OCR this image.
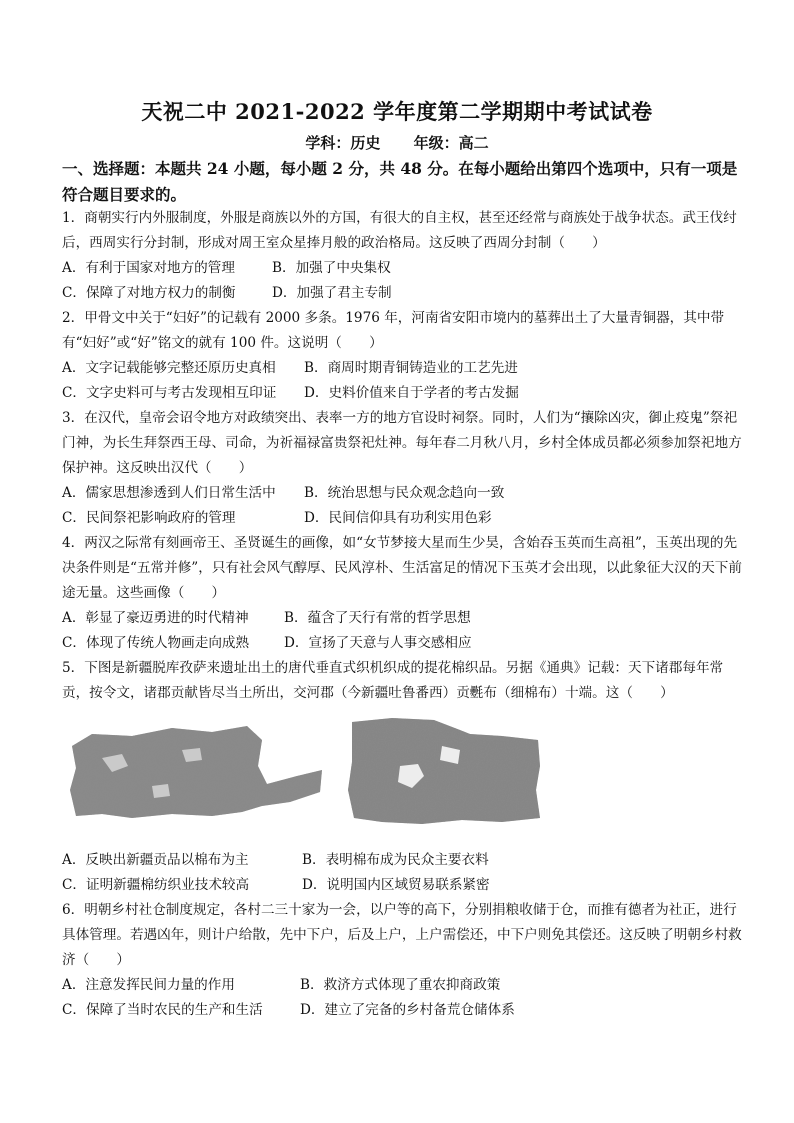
天祝二中 2021-2022 学年度第二学期期中考试试卷
学科：历史 年级：高二
一、选择题：本题共 24 小题，每小题 2 分，共 48 分。在每小题给出第四个选项中，只有一项是符合题目要求的。

1．商朝实行内外服制度，外服是商族以外的方国，有很大的自主权，甚至还经常与商族处于战争状态。武王伐纣后，西周实行分封制，形成对周王室众星捧月般的政治格局。这反映了西周分封制（　　）

A．有利于国家对地方的管理	B．加强了中央集权
C．保障了对地方权力的制衡	D．加强了君主专制

2．甲骨文中关于“妇好”的记载有 2000 多条。1976 年，河南省安阳市境内的墓葬出土了大量青铜器，其中带有“妇好”或“好”铭文的就有 100 件。这说明（　　）

A．文字记载能够完整还原历史真相	B．商周时期青铜铸造业的工艺先进
C．文字史料可与考古发现相互印证	D．史料价值来自于学者的考古发掘

3．在汉代，皇帝会诏令地方对政绩突出、表率一方的地方官设时祠祭。同时，人们为“攘除凶灾，御止疫鬼”祭祀门神，为长生拜祭西王母、司命，为祈福禄富贵祭祀灶神。每年春二月秋八月，乡村全体成员都必须参加祭祀地方保护神。这反映出汉代（　　）

A．儒家思想渗透到人们日常生活中	B．统治思想与民众观念趋向一致
C．民间祭祀影响政府的管理	D．民间信仰具有功利实用色彩

4．两汉之际常有刻画帝王、圣贤诞生的画像，如“女节梦接大星而生少昊，含始吞玉英而生高祖”，玉英出现的先决条件则是“五常并修”，只有社会风气醇厚、民风淳朴、生活富足的情况下玉英才会出现，以此象征大汉的天下前途无量。这些画像（　　）

A．彰显了豪迈勇进的时代精神	B．蕴含了天行有常的哲学思想
C．体现了传统人物画走向成熟	D．宣扬了天意与人事交感相应

5．下图是新疆脱库孜萨来遗址出土的唐代垂直式织机织成的提花棉织品。另据《通典》记载：天下诸郡每年常贡，按令文，诸郡贡献皆尽当土所出，交河郡（今新疆吐鲁番西）贡氎布（细棉布）十端。这（　　）

A．反映出新疆贡品以棉布为主	B．表明棉布成为民众主要衣料
C．证明新疆棉纺织业技术较高	D．说明国内区域贸易联系紧密

6．明朝乡村社仓制度规定，各村二三十家为一会，以户等的高下，分别捐粮收储于仓，而推有德者为社正，进行具体管理。若遇凶年，则计户给散，先中下户，后及上户，上户需偿还，中下户则免其偿还。这反映了明朝乡村救济（　　）

A．注意发挥民间力量的作用	B．救济方式体现了重农抑商政策
C．保障了当时农民的生产和生活	D．建立了完备的乡村备荒仓储体系
